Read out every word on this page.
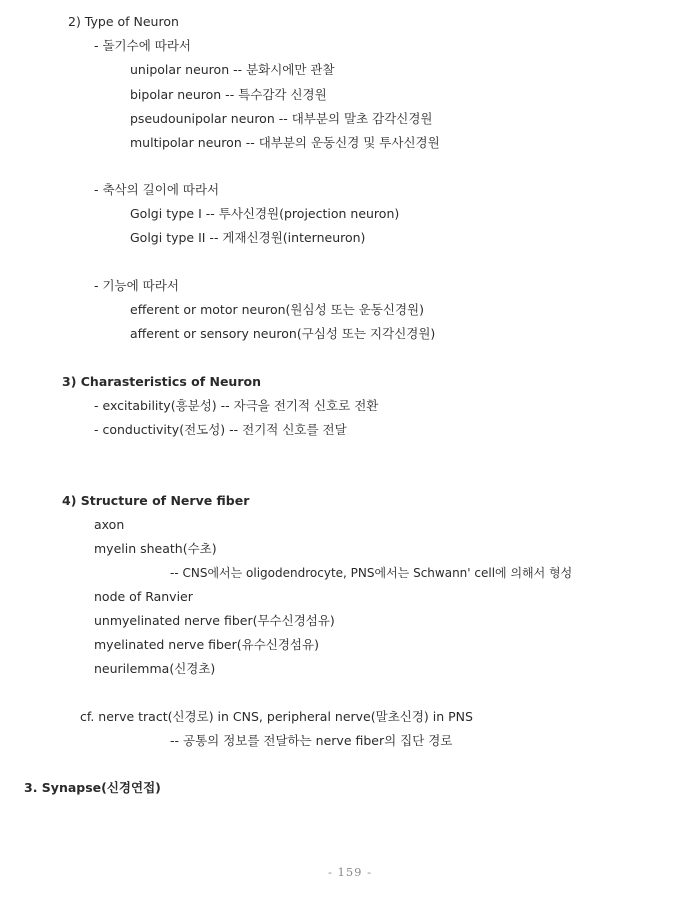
2) Type of Neuron
- 돌기수에 따라서
unipolar neuron -- 분화시에만 관찰
bipolar neuron -- 특수감각 신경원
pseudounipolar neuron -- 대부분의 말초 감각신경원
multipolar neuron -- 대부분의 운동신경 및 투사신경원
- 축삭의 길이에 따라서
Golgi type I -- 투사신경원(projection neuron)
Golgi type II -- 게재신경원(interneuron)
- 기능에 따라서
efferent or motor neuron(원심성 또는 운동신경원)
afferent or sensory neuron(구심성 또는 지각신경원)
3) Charasteristics of Neuron
- excitability(흥분성) -- 자극을 전기적 신호로 전환
- conductivity(전도성) -- 전기적 신호를 전달
4) Structure of Nerve fiber
axon
myelin sheath(수초)
-- CNS에서는 oligodendrocyte, PNS에서는 Schwann' cell에 의해서 형성
node of Ranvier
unmyelinated nerve fiber(무수신경섬유)
myelinated nerve fiber(유수신경섬유)
neurilemma(신경초)
cf. nerve tract(신경로) in CNS, peripheral nerve(말초신경) in PNS
-- 공통의 정보를 전달하는 nerve fiber의 집단 경로
3. Synapse(신경연접)
- 159 -
